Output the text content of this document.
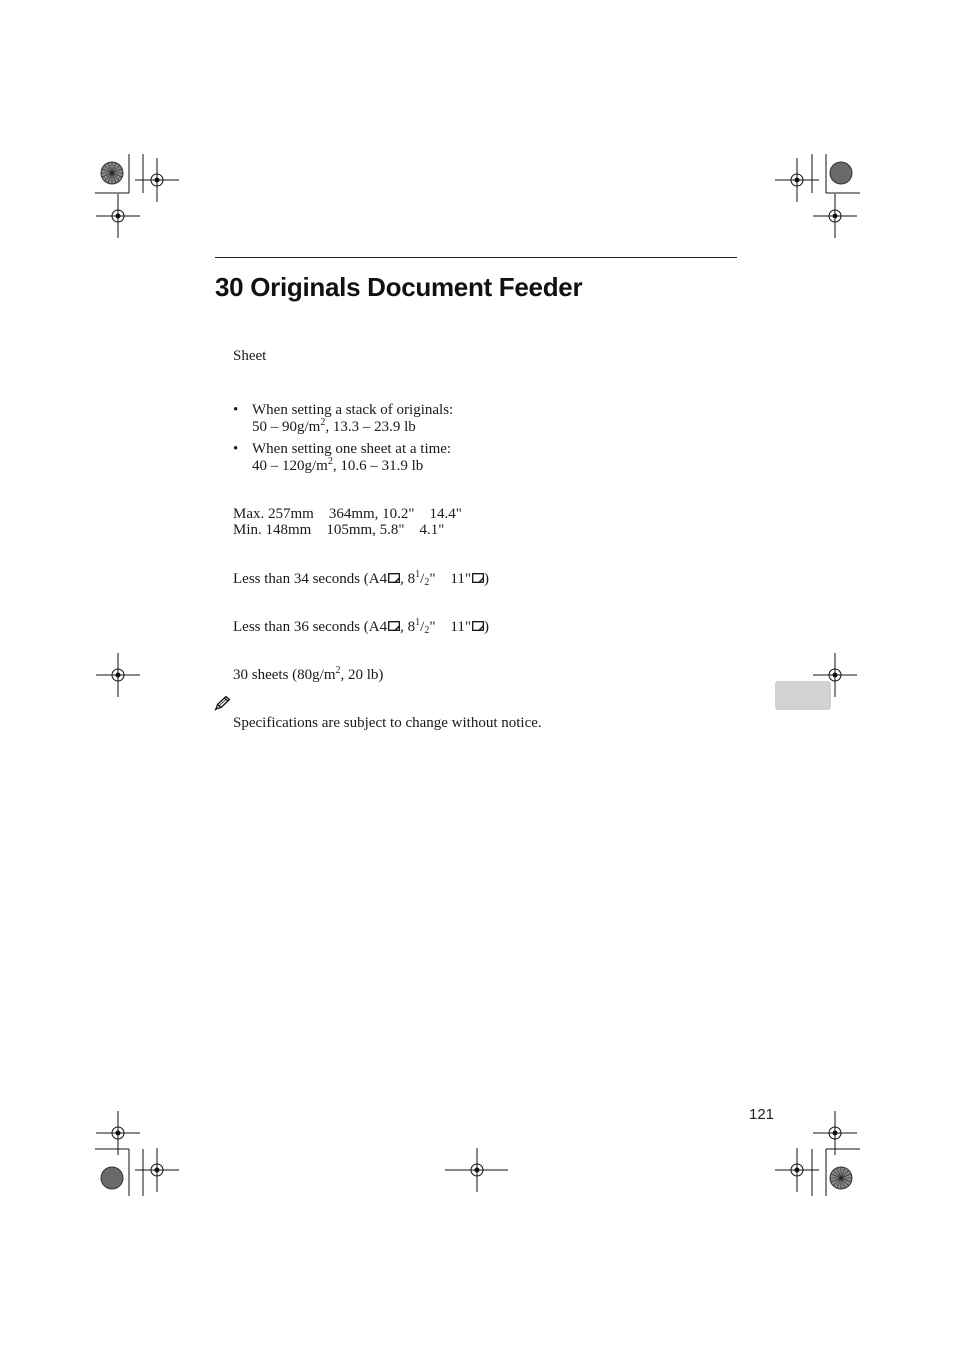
30 Originals Document Feeder
Sheet
• When setting a stack of originals:
$50 - 90g/m^2$, 13.3 – 23.9 lb
• When setting one sheet at a time:
$40 - 120g/m^2$, 10.6 – 31.9 lb
Max. 257mm    364mm, 10.2"    14.4"
Min. 148mm    105mm, 5.8"    4.1"
Less than 34 seconds (A4 , $8^1/_2$"    11" )
Less than 36 seconds (A4 , $8^1/_2$"    11" )
30 sheets ($80g/m^2$, 20 lb)
Specifications are subject to change without notice.
121
